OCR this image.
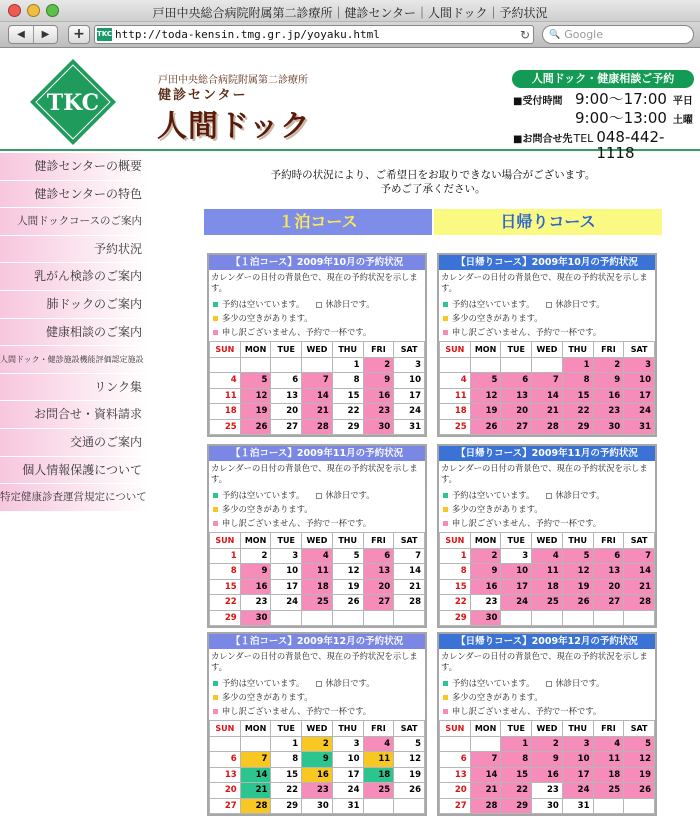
戸田中央総合病院附属第二診療所｜健診センター｜人間ドック｜予約状況
◀	▶	+	TKC http://toda-kensin.tmg.gr.jp/yoyaku.html	↻	🔍 Google
TKC
戸田中央総合病院附属第二診療所
健診センター
人間ドック
人間ドック・健康相談ご予約
■受付時間 9:00〜17:00 平日
9:00〜13:00 土曜
■お問合せ先 TEL 048-442-1118
健診センターの概要
健診センターの特色
人間ドックコースのご案内
予約状況
乳がん検診のご案内
肺ドックのご案内
健康相談のご案内
人間ドック・健診施設機能評価認定施設
リンク集
お問合せ・資料請求
交通のご案内
個人情報保護について
特定健康診査運営規定について
予約時の状況により、ご希望日をお取りできない場合がございます。
予めご了承ください。
１泊コース	日帰りコース
【１泊コース】2009年10月の予約状況
カレンダーの日付の背景色で、現在の予約状況を示します。
予約は空いています。	休診日です。
多少の空きがあります。
申し訳ございません、予約で一杯です。
SUN	MON	TUE	WED	THU	FRI	SAT
				1	2	3
4	5	6	7	8	9	10
11	12	13	14	15	16	17
18	19	20	21	22	23	24
25	26	27	28	29	30	31
【日帰りコース】2009年10月の予約状況
カレンダーの日付の背景色で、現在の予約状況を示します。
予約は空いています。	休診日です。
多少の空きがあります。
申し訳ございません、予約で一杯です。
SUN	MON	TUE	WED	THU	FRI	SAT
				1	2	3
4	5	6	7	8	9	10
11	12	13	14	15	16	17
18	19	20	21	22	23	24
25	26	27	28	29	30	31
【１泊コース】2009年11月の予約状況
カレンダーの日付の背景色で、現在の予約状況を示します。
予約は空いています。	休診日です。
多少の空きがあります。
申し訳ございません、予約で一杯です。
SUN	MON	TUE	WED	THU	FRI	SAT
1	2	3	4	5	6	7
8	9	10	11	12	13	14
15	16	17	18	19	20	21
22	23	24	25	26	27	28
29	30					
【日帰りコース】2009年11月の予約状況
カレンダーの日付の背景色で、現在の予約状況を示します。
予約は空いています。	休診日です。
多少の空きがあります。
申し訳ございません、予約で一杯です。
SUN	MON	TUE	WED	THU	FRI	SAT
1	2	3	4	5	6	7
8	9	10	11	12	13	14
15	16	17	18	19	20	21
22	23	24	25	26	27	28
29	30					
【１泊コース】2009年12月の予約状況
カレンダーの日付の背景色で、現在の予約状況を示します。
予約は空いています。	休診日です。
多少の空きがあります。
申し訳ございません、予約で一杯です。
SUN	MON	TUE	WED	THU	FRI	SAT
		1	2	3	4	5
6	7	8	9	10	11	12
13	14	15	16	17	18	19
20	21	22	23	24	25	26
27	28	29	30	31		
【日帰りコース】2009年12月の予約状況
カレンダーの日付の背景色で、現在の予約状況を示します。
予約は空いています。	休診日です。
多少の空きがあります。
申し訳ございません、予約で一杯です。
SUN	MON	TUE	WED	THU	FRI	SAT
		1	2	3	4	5
6	7	8	9	10	11	12
13	14	15	16	17	18	19
20	21	22	23	24	25	26
27	28	29	30	31		
